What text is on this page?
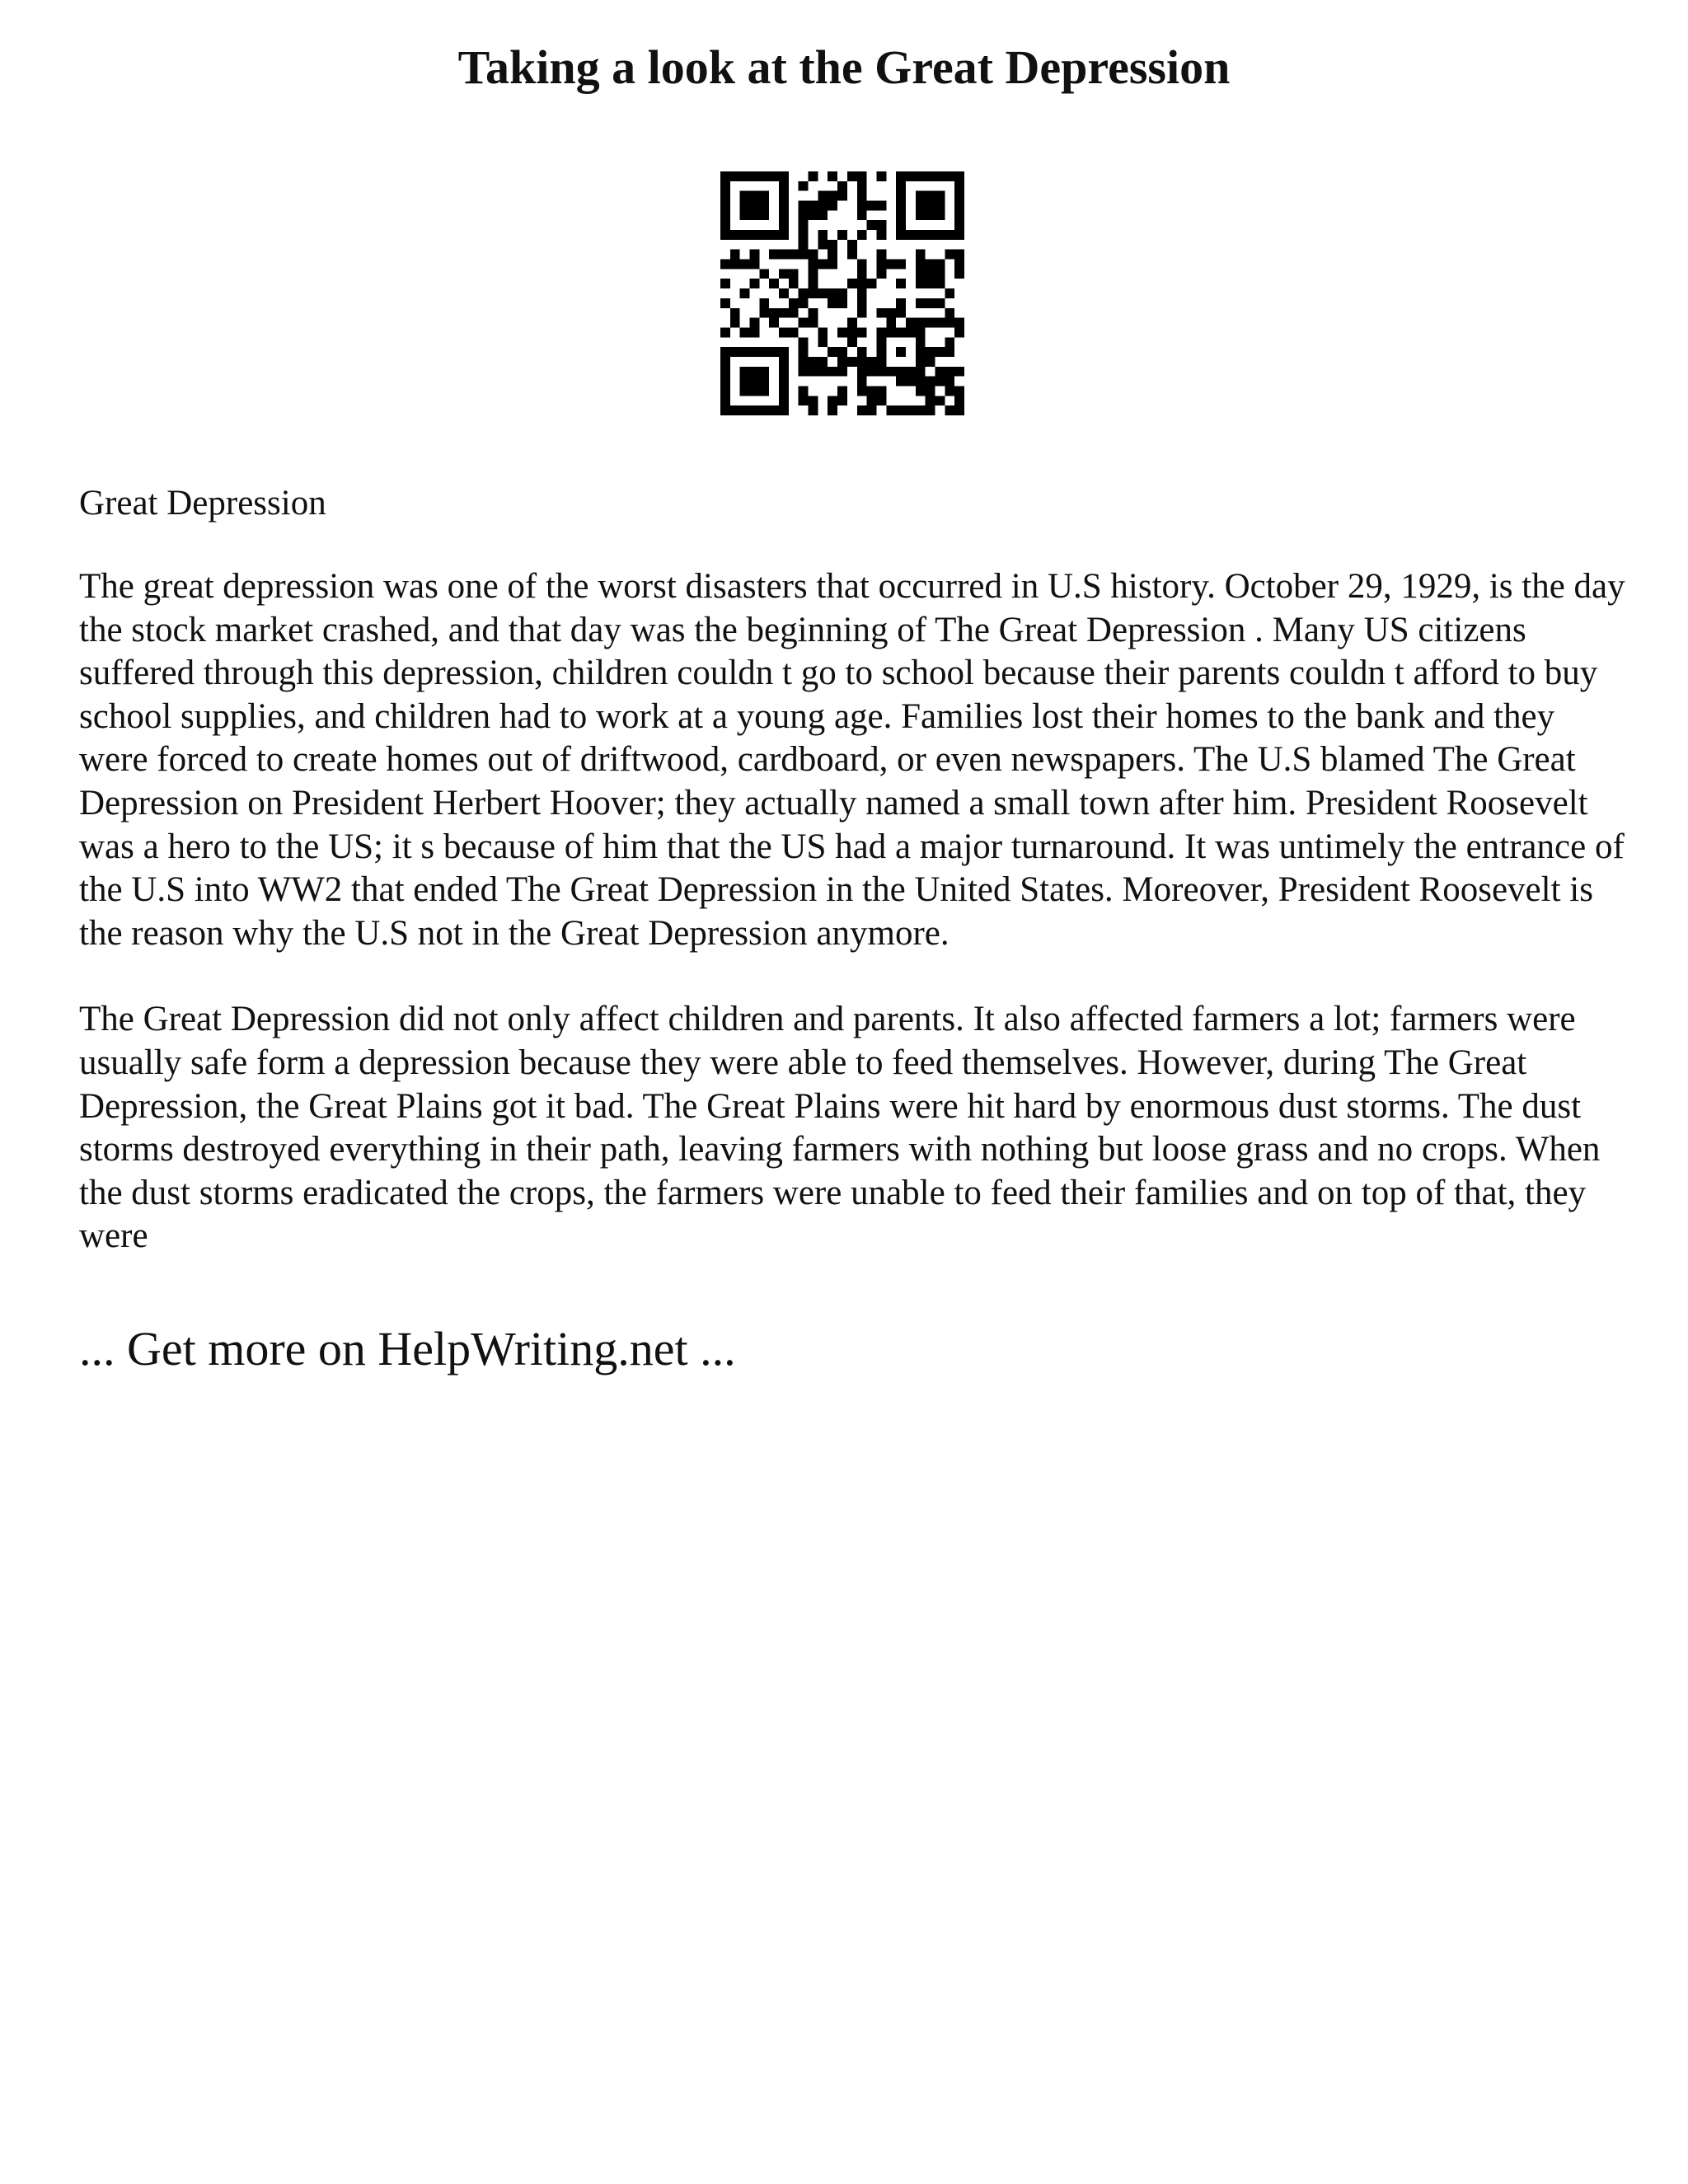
Taking a look at the Great Depression

Great Depression

The great depression was one of the worst disasters that occurred in U.S history. October 29, 1929, is the day the stock market crashed, and that day was the beginning of The Great Depression . Many US citizens suffered through this depression, children couldn t go to school because their parents couldn t afford to buy school supplies, and children had to work at a young age. Families lost their homes to the bank and they were forced to create homes out of driftwood, cardboard, or even newspapers. The U.S blamed The Great Depression on President Herbert Hoover; they actually named a small town after him. President Roosevelt was a hero to the US; it s because of him that the US had a major turnaround. It was untimely the entrance of the U.S into WW2 that ended The Great Depression in the United States. Moreover, President Roosevelt is the reason why the U.S not in the Great Depression anymore.

The Great Depression did not only affect children and parents. It also affected farmers a lot; farmers were usually safe form a depression because they were able to feed themselves. However, during The Great Depression, the Great Plains got it bad. The Great Plains were hit hard by enormous dust storms. The dust storms destroyed everything in their path, leaving farmers with nothing but loose grass and no crops. When the dust storms eradicated the crops, the farmers were unable to feed their families and on top of that, they were

... Get more on HelpWriting.net ...
